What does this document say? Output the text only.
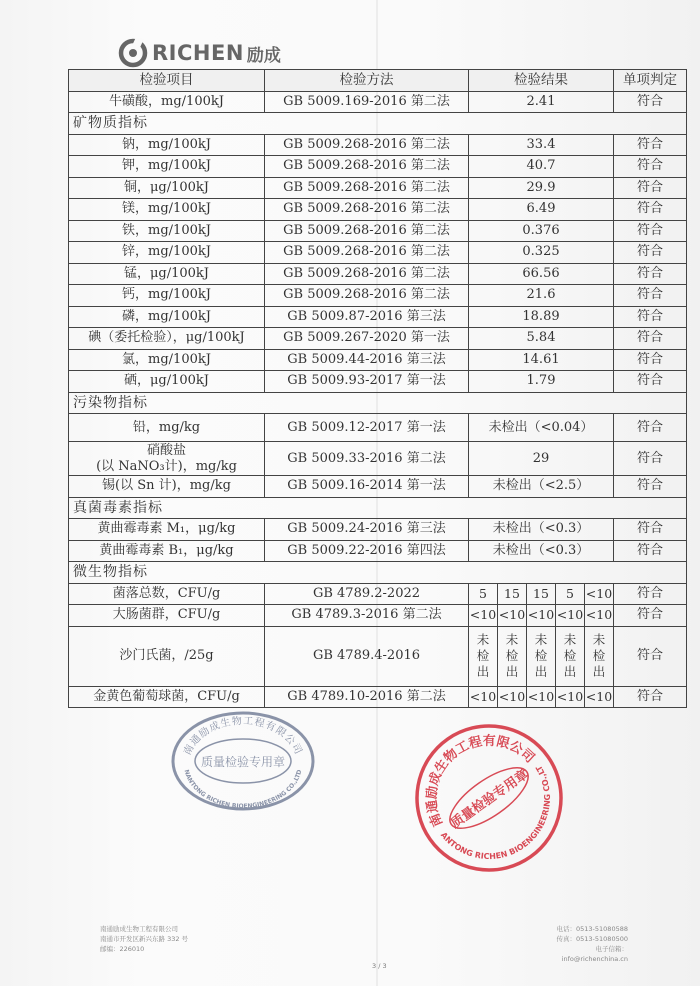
RICHEN 励成
检验项目	检验方法	检验结果					单项判定
牛磺酸，mg/100kJ	GB 5009.169-2016 第二法	2.41					符合
矿物质指标							
钠，mg/100kJ	GB 5009.268-2016 第二法	33.4					符合
钾，mg/100kJ	GB 5009.268-2016 第二法	40.7					符合
铜，μg/100kJ	GB 5009.268-2016 第二法	29.9					符合
镁，mg/100kJ	GB 5009.268-2016 第二法	6.49					符合
铁，mg/100kJ	GB 5009.268-2016 第二法	0.376					符合
锌，mg/100kJ	GB 5009.268-2016 第二法	0.325					符合
锰，μg/100kJ	GB 5009.268-2016 第二法	66.56					符合
钙，mg/100kJ	GB 5009.268-2016 第二法	21.6					符合
磷，mg/100kJ	GB 5009.87-2016 第三法	18.89					符合
碘（委托检验），μg/100kJ	GB 5009.267-2020 第一法	5.84					符合
氯，mg/100kJ	GB 5009.44-2016 第三法	14.61					符合
硒，μg/100kJ	GB 5009.93-2017 第一法	1.79					符合
污染物指标							
铅，mg/kg	GB 5009.12-2017 第一法	未检出（<0.04）					符合
硝酸盐
(以 NaNO₃计)，mg/kg	GB 5009.33-2016 第二法	29					符合
锡(以 Sn 计)，mg/kg	GB 5009.16-2014 第一法	未检出（<2.5）					符合
真菌毒素指标							
黄曲霉毒素 M₁，μg/kg	GB 5009.24-2016 第三法	未检出（<0.3）					符合
黄曲霉毒素 B₁，μg/kg	GB 5009.22-2016 第四法	未检出（<0.3）					符合
微生物指标							
菌落总数，CFU/g	GB 4789.2-2022	5	15	15	5	<10	符合
大肠菌群，CFU/g	GB 4789.3-2016 第二法	<10	<10	<10	<10	<10	符合
沙门氏菌，/25g	GB 4789.4-2016	未
检
出	未
检
出	未
检
出	未
检
出	未
检
出	符合
金黄色葡萄球菌，CFU/g	GB 4789.10-2016 第二法	<10	<10	<10	<10	<10	符合
南通励成生物工程有限公司
质量检验专用章
NANTONG RICHEN BIOENGINEERING CO.,LTD
南通励成生物工程有限公司
质量检验专用章
NANTONG RICHEN BIOENGINEERING CO.,LTD
南通励成生物工程有限公司
南通市开发区新兴东路 332 号
邮编：226010
电话：0513-51080588
传真：0513-51080500
电子信箱：info@richenchina.cn
3 / 3
